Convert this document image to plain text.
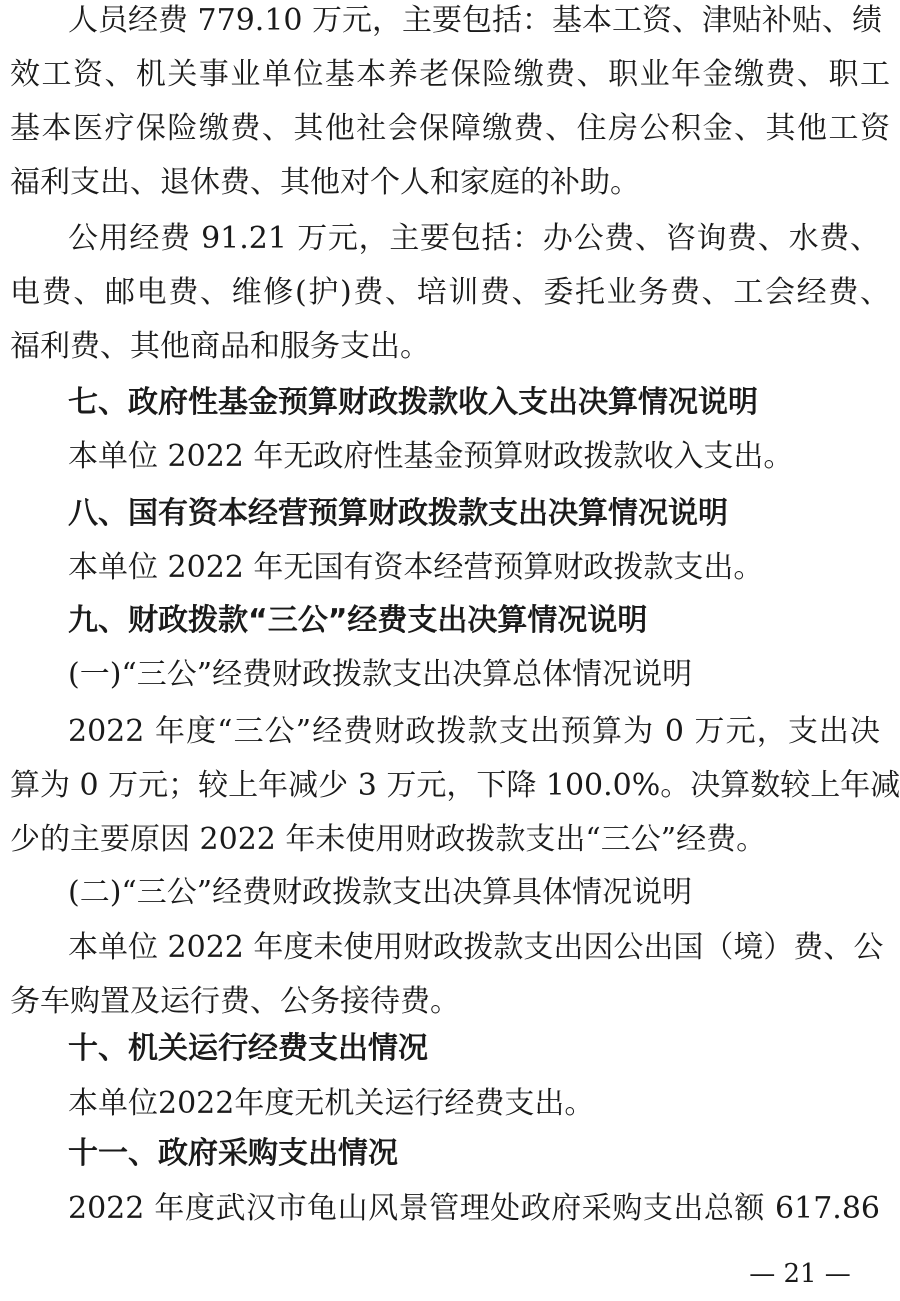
人员经费 779.10 万元，主要包括：基本工资、津贴补贴、绩
效工资、机关事业单位基本养老保险缴费、职业年金缴费、职工
基本医疗保险缴费、其他社会保障缴费、住房公积金、其他工资
福利支出、退休费、其他对个人和家庭的补助。
公用经费 91.21 万元，主要包括：办公费、咨询费、水费、
电费、邮电费、维修(护)费、培训费、委托业务费、工会经费、
福利费、其他商品和服务支出。
七、政府性基金预算财政拨款收入支出决算情况说明
本单位 2022 年无政府性基金预算财政拨款收入支出。
八、国有资本经营预算财政拨款支出决算情况说明
本单位 2022 年无国有资本经营预算财政拨款支出。
九、财政拨款“三公”经费支出决算情况说明
(一)“三公”经费财政拨款支出决算总体情况说明
2022 年度“三公”经费财政拨款支出预算为 0 万元，支出决
算为 0 万元；较上年减少 3 万元，下降 100.0%。决算数较上年减
少的主要原因 2022 年未使用财政拨款支出“三公”经费。
(二)“三公”经费财政拨款支出决算具体情况说明
本单位 2022 年度未使用财政拨款支出因公出国（境）费、公
务车购置及运行费、公务接待费。
十、机关运行经费支出情况
本单位2022年度无机关运行经费支出。
十一、政府采购支出情况
2022 年度武汉市龟山风景管理处政府采购支出总额 617.86
— 21 —
